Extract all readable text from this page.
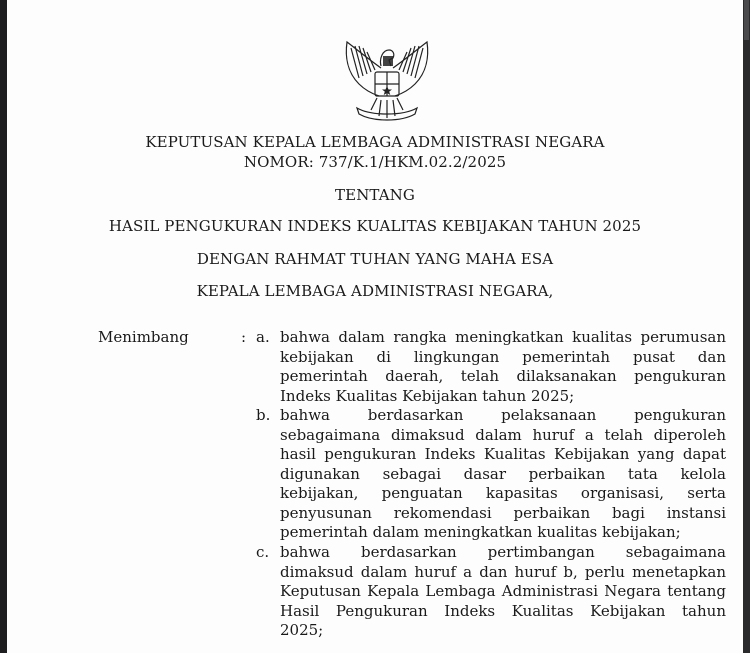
KEPUTUSAN KEPALA LEMBAGA ADMINISTRASI NEGARA
NOMOR: 737/K.1/HKM.02.2/2025
TENTANG
HASIL PENGUKURAN INDEKS KUALITAS KEBIJAKAN TAHUN 2025
DENGAN RAHMAT TUHAN YANG MAHA ESA
KEPALA LEMBAGA ADMINISTRASI NEGARA,
Menimbang	: a. bahwa dalam rangka meningkatkan kualitas perumusan
kebijakan di lingkungan pemerintah pusat dan
pemerintah daerah, telah dilaksanakan pengukuran
Indeks Kualitas Kebijakan tahun 2025;
b. bahwa berdasarkan pelaksanaan pengukuran
sebagaimana dimaksud dalam huruf a telah diperoleh
hasil pengukuran Indeks Kualitas Kebijakan yang dapat
digunakan sebagai dasar perbaikan tata kelola
kebijakan, penguatan kapasitas organisasi, serta
penyusunan rekomendasi perbaikan bagi instansi
pemerintah dalam meningkatkan kualitas kebijakan;
c. bahwa berdasarkan pertimbangan sebagaimana
dimaksud dalam huruf a dan huruf b, perlu menetapkan
Keputusan Kepala Lembaga Administrasi Negara tentang
Hasil Pengukuran Indeks Kualitas Kebijakan tahun
2025;
